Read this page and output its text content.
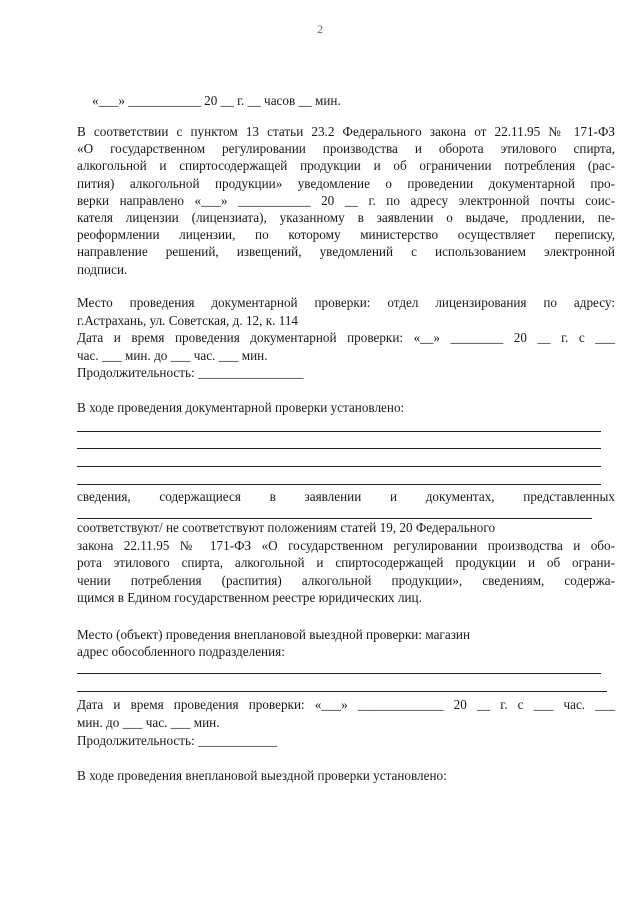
2
«___» ___________ 20 __ г. __ часов __ мин.
В соответствии с пунктом 13 статьи 23.2 Федерального закона от 22.11.95 № 171-ФЗ
«О государственном регулировании производства и оборота этилового спирта,
алкогольной и спиртосодержащей продукции и об ограничении потребления (рас-
пития) алкогольной продукции» уведомление о проведении документарной про-
верки направлено «___» ___________ 20 __ г. по адресу электронной почты соис-
кателя лицензии (лицензиата), указанному в заявлении о выдаче, продлении, пе-
реоформлении лицензии, по которому министерство осуществляет переписку,
направление решений, извещений, уведомлений с использованием электронной
подписи.
Место проведения документарной проверки: отдел лицензирования по адресу:
г.Астрахань, ул. Советская, д. 12, к. 114
Дата и время проведения документарной проверки: «__» ________ 20 __ г. с ___
час. ___ мин. до ___ час. ___ мин.
Продолжительность: ________________
В ходе проведения документарной проверки установлено:
сведения, содержащиеся в заявлении и документах, представленных
соответствуют/ не соответствуют положениям статей 19, 20 Федерального
закона 22.11.95 № 171-ФЗ «О государственном регулировании производства и обо-
рота этилового спирта, алкогольной и спиртосодержащей продукции и об ограни-
чении потребления (распития) алкогольной продукции», сведениям, содержа-
щимся в Едином государственном реестре юридических лиц.
Место (объект) проведения внеплановой выездной проверки: магазин
адрес обособленного подразделения:
Дата и время проведения проверки: «___» _____________ 20 __ г. с ___ час. ___
мин. до ___ час. ___ мин.
Продолжительность: ____________
В ходе проведения внеплановой выездной проверки установлено:
